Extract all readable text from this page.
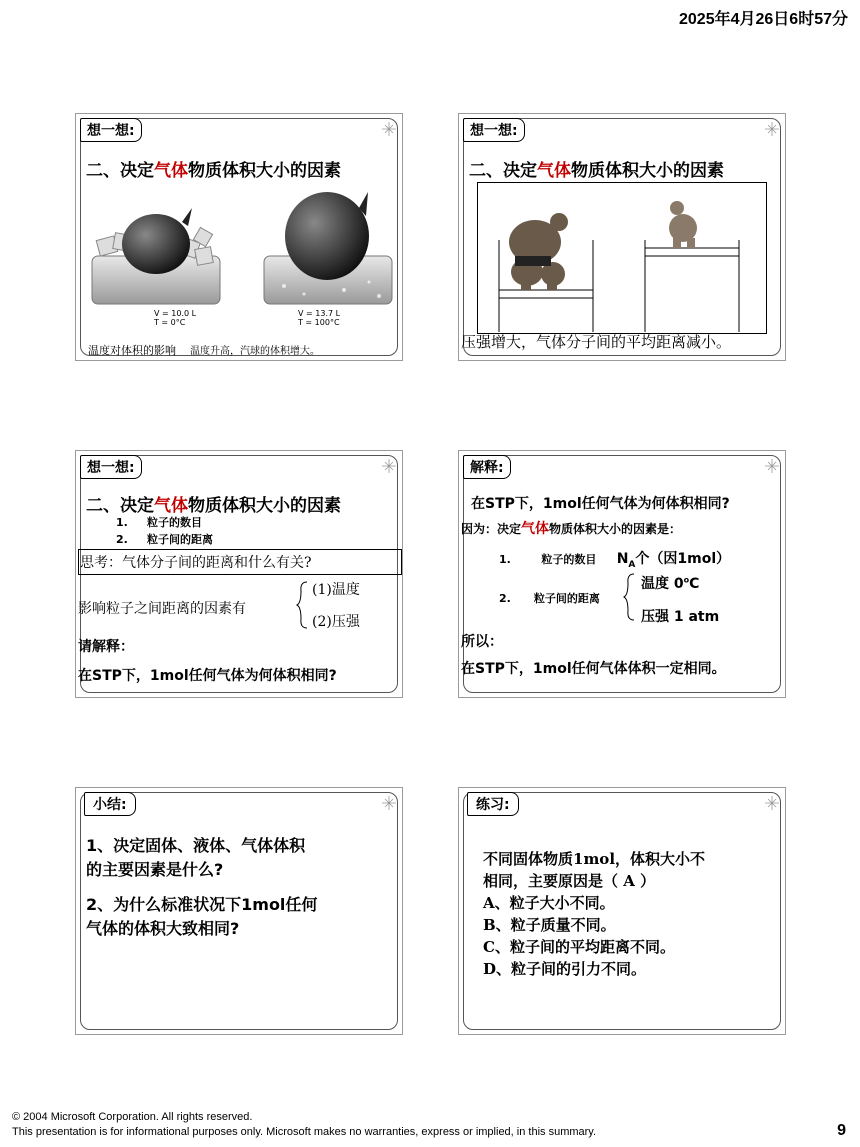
2025年4月26日6时57分
想一想:
二、决定气体物质体积大小的因素
V = 10.0 L
T = 0°C
V = 13.7 L
T = 100°C
温度对体积的影响 温度升高，汽球的体积增大。
想一想:
二、决定气体物质体积大小的因素
压强增大，气体分子间的平均距离减小。
想一想:
二、决定气体物质体积大小的因素
1. 粒子的数目
2. 粒子间的距离
思考：气体分子间的距离和什么有关?
影响粒子之间距离的因素有
(1)温度
(2)压强
请解释：
在STP下，1mol任何气体为何体积相同?
解释:
在STP下，1mol任何气体为何体积相同?
因为：决定气体物质体积大小的因素是：
1.	粒子的数目 $N_A$个（因1mol）
2. 粒子间的距离
温度 0$^o$C
压强 1 atm
所以：
在STP下，1mol任何气体体积一定相同。
小结:
1、决定固体、液体、气体体积
的主要因素是什么?
2、为什么标准状况下1mol任何
气体的体积大致相同?
练习:
不同固体物质1mol，体积大小不
相同，主要原因是（ A ）
A、粒子大小不同。
B、粒子质量不同。
C、粒子间的平均距离不同。
D、粒子间的引力不同。
© 2004 Microsoft Corporation. All rights reserved.
This presentation is for informational purposes only. Microsoft makes no warranties, express or implied, in this summary.	9
